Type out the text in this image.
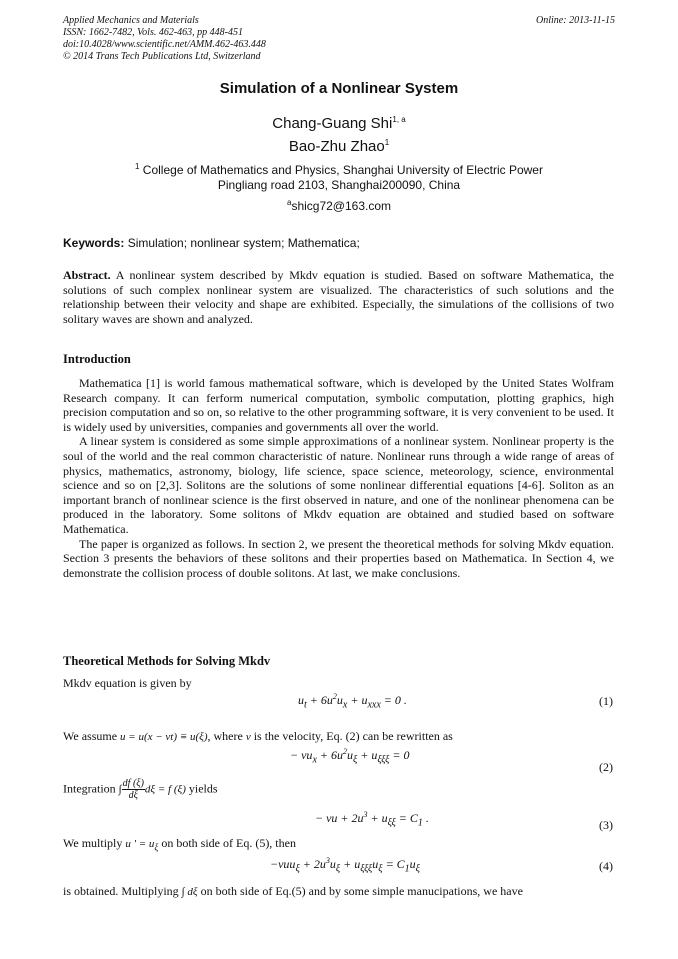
Applied Mechanics and Materials
ISSN: 1662-7482, Vols. 462-463, pp 448-451
doi:10.4028/www.scientific.net/AMM.462-463.448
© 2014 Trans Tech Publications Ltd, Switzerland
Online: 2013-11-15
Simulation of a Nonlinear System
Chang-Guang Shi$^{1, a}$
Bao-Zhu Zhao$^1$
$^1$ College of Mathematics and Physics, Shanghai University of Electric Power
Pingliang road 2103, Shanghai200090, China
$^a$shicg72@163.com
Keywords: Simulation; nonlinear system; Mathematica;

Abstract. A nonlinear system described by Mkdv equation is studied. Based on software Mathematica, the solutions of such complex nonlinear system are visualized. The characteristics of such solutions and the relationship between their velocity and shape are exhibited. Especially, the simulations of the collisions of two solitary waves are shown and analyzed.

Introduction

Mathematica [1] is world famous mathematical software, which is developed by the United States Wolfram Research company. It can ferform numerical computation, symbolic computation, plotting graphics, high precision computation and so on, so relative to the other programming software, it is very convenient to be used. It is widely used by universities, companies and governments all over the world.

A linear system is considered as some simple approximations of a nonlinear system. Nonlinear property is the soul of the world and the real common characteristic of nature. Nonlinear runs through a wide range of areas of physics, mathematics, astronomy, biology, life science, space science, meteorology, science, environmental science and so on [2,3]. Solitons are the solutions of some nonlinear differential equations [4-6]. Soliton as an important branch of nonlinear science is the first observed in nature, and one of the nonlinear phenomena can be produced in the laboratory. Some solitons of Mkdv equation are obtained and studied based on software Mathematica.

The paper is organized as follows. In section 2, we present the theoretical methods for solving Mkdv equation. Section 3 presents the behaviors of these solitons and their properties based on Mathematica. In Section 4, we demonstrate the collision process of double solitons. At last, we make conclusions.

Theoretical Methods for Solving Mkdv
Mkdv equation is given by
$u_t + 6u^2u_x + u_{xxx} = 0$ .	(1)
We assume u = u(x − vt) ≡ u(ξ), where v is the velocity, Eq. (2) can be rewritten as
− $vu_x + 6u^2u_\xi + u_{\xi\xi\xi} = 0$
(2)
Integration ∫ $\frac{df (\xi)}{d\xi}$ dξ = f (ξ) yields
− vu + $2u^3 + u_{\xi\xi} = C_1$ .	(3)
We multiply u ' = $u_\xi$ on both side of Eq. (5), then
$-vuu_\xi + 2u^3u_\xi + u_{\xi\xi\xi}u_\xi = C_1u_\xi$	(4)
is obtained. Multiplying ∫ dξ on both side of Eq.(5) and by some simple manucipations, we have
